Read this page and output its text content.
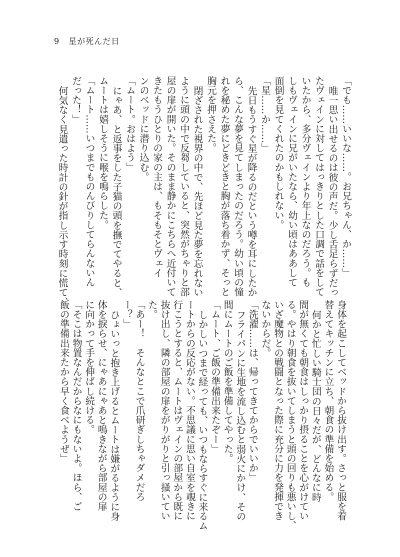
9 星が死んだ日
「でも……いいな……。お兄ちゃん、か……」
唯一思い出せるのは彼の声だ。少し舌足らずだっ
たヴェインに対してはっきりとした口調で話をして
いたから、多分ヴェインより年上なのだろう。も
しもヴェインに兄がいたなら、幼い頃はああして
面倒を見てくれたのかもしれない。
「星……か……」
先日もうすぐ星が降るのだという噂を耳にしたか
ら、こんな夢を見てしまったのだろう。幼い頃の憧
れを秘めた夢にどきどきと胸が落ち着かず、そっと
胸元を押さえた。
閉ざされた視界の中で、先ほど見た夢を忘れない
ように頭の中で反芻していると、突然がちゃりと部
屋の扉が開いた。そのまま静かにこちらへ近付いて
きたもうひとりの家の主は、もそもそとヴェイ
ンのベッドに潜り込む。
「ムート。おはよう」
にゃあ、と返事をした子猫の頭を撫でてやると、
ムートは嬉しそうに喉を鳴らした。
「ムート……いつまでものんびりしてらんないん
だった！」
何気なく見遣った時計の針が指し示す時刻に慌て、
身体を起こしてベッドから抜け出す。さっと服を着
替えてキッチンに立ち、朝食の準備を始める。
何かと忙しい騎士団の日々だが、どんなに時
間が無くても朝食はしっかり摂ることを心がけてい
る。やはり朝食を抜いてしまうと頭の回りも悪いし、
いざ魔物との戦闘となった際に充分に力を発揮でき
ないからだ。
「洗濯……は、帰ってきてからでいいか」
フライパンに生地を流し込むと弱火にかけ、その
間にムートのご飯を準備してやった。
「ムート、ご飯の準備出来たぞー」
しかしいつまで経っても、いつもならすぐに来るム
ートからの反応がない。不思議に思い自室を覗きに
行こうとすると、ムートはヴェインの部屋から既に
抜け出し、隣の部屋の扉をがりがりと引っ掻いてい
た。
「あー！　そんなとこで爪研ぎしちゃダメだろ
ー？」
ひょいっと抱き上げるとムートは嫌がるように身
体を捩らせ、にゃあにゃあと鳴きながら部屋の扉
に向かって手を伸ばし続ける。
「そこは物置なんだからなにもないよ。ほら、ご
飯の準備出来たから早く食べようぜ」
